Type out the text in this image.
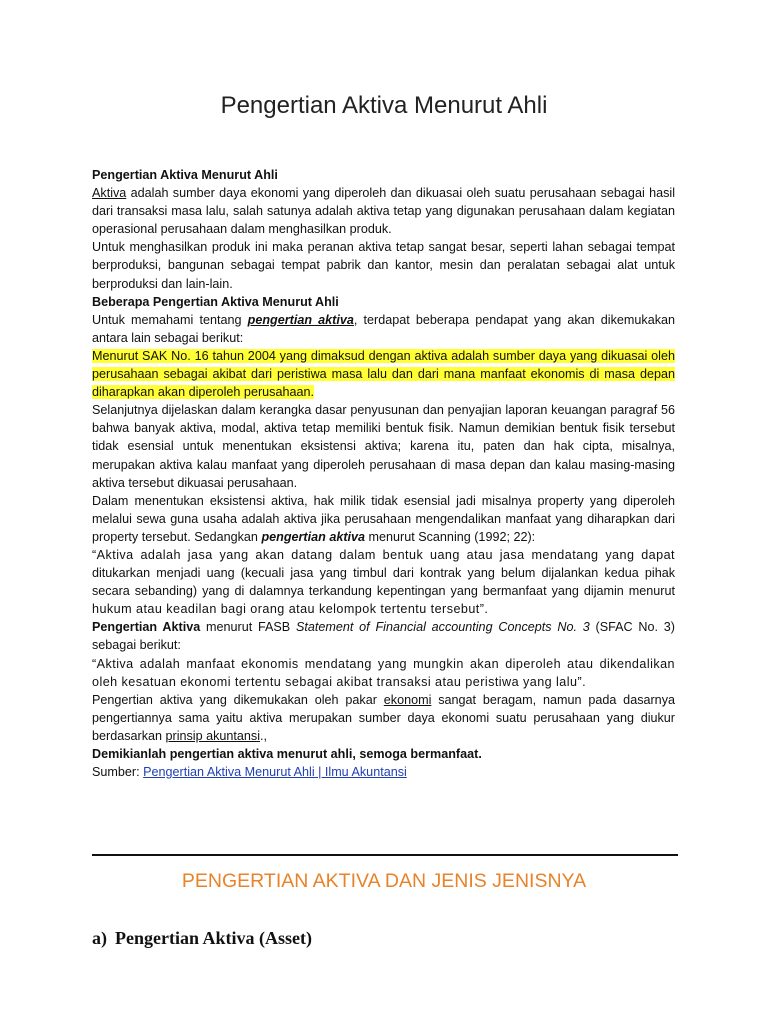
Pengertian Aktiva Menurut Ahli
Pengertian Aktiva Menurut Ahli

Aktiva adalah sumber daya ekonomi yang diperoleh dan dikuasai oleh suatu perusahaan sebagai hasil dari transaksi masa lalu, salah satunya adalah aktiva tetap yang digunakan perusahaan dalam kegiatan operasional perusahaan dalam menghasilkan produk.

Untuk menghasilkan produk ini maka peranan aktiva tetap sangat besar, seperti lahan sebagai tempat berproduksi, bangunan sebagai tempat pabrik dan kantor, mesin dan peralatan sebagai alat untuk berproduksi dan lain-lain.

Beberapa Pengertian Aktiva Menurut Ahli

Untuk memahami tentang pengertian aktiva, terdapat beberapa pendapat yang akan dikemukakan antara lain sebagai berikut:

Menurut SAK No. 16 tahun 2004 yang dimaksud dengan aktiva adalah sumber daya yang dikuasai oleh perusahaan sebagai akibat dari peristiwa masa lalu dan dari mana manfaat ekonomis di masa depan diharapkan akan diperoleh perusahaan.

Selanjutnya dijelaskan dalam kerangka dasar penyusunan dan penyajian laporan keuangan paragraf 56 bahwa banyak aktiva, modal, aktiva tetap memiliki bentuk fisik. Namun demikian bentuk fisik tersebut tidak esensial untuk menentukan eksistensi aktiva; karena itu, paten dan hak cipta, misalnya, merupakan aktiva kalau manfaat yang diperoleh perusahaan di masa depan dan kalau masing-masing aktiva tersebut dikuasai perusahaan.

Dalam menentukan eksistensi aktiva, hak milik tidak esensial jadi misalnya property yang diperoleh melalui sewa guna usaha adalah aktiva jika perusahaan mengendalikan manfaat yang diharapkan dari property tersebut. Sedangkan pengertian aktiva menurut Scanning (1992; 22):

“Aktiva adalah jasa yang akan datang dalam bentuk uang atau jasa mendatang yang dapat ditukarkan menjadi uang (kecuali jasa yang timbul dari kontrak yang belum dijalankan kedua pihak secara sebanding) yang di dalamnya terkandung kepentingan yang bermanfaat yang dijamin menurut hukum atau keadilan bagi orang atau kelompok tertentu tersebut”.

Pengertian Aktiva menurut FASB Statement of Financial accounting Concepts No. 3 (SFAC No. 3) sebagai berikut:

“Aktiva adalah manfaat ekonomis mendatang yang mungkin akan diperoleh atau dikendalikan oleh kesatuan ekonomi tertentu sebagai akibat transaksi atau peristiwa yang lalu”.

Pengertian aktiva yang dikemukakan oleh pakar ekonomi sangat beragam, namun pada dasarnya pengertiannya sama yaitu aktiva merupakan sumber daya ekonomi suatu perusahaan yang diukur berdasarkan prinsip akuntansi.,

Demikianlah pengertian aktiva menurut ahli, semoga bermanfaat.

Sumber: Pengertian Aktiva Menurut Ahli | Ilmu Akuntansi

PENGERTIAN AKTIVA DAN JENIS JENISNYA
a) Pengertian Aktiva (Asset)
